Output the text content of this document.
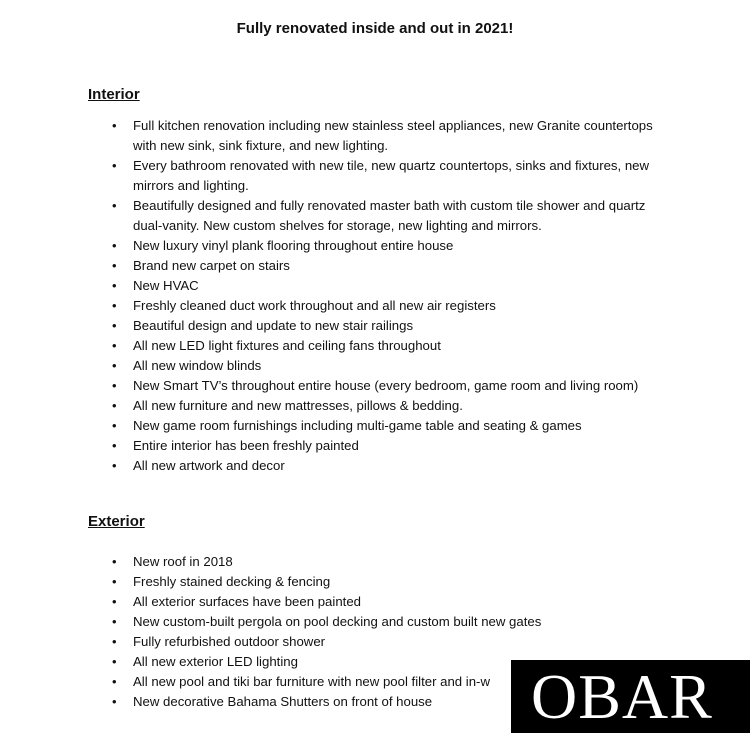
Fully renovated inside and out in 2021!
Interior
• Full kitchen renovation including new stainless steel appliances, new Granite countertops with new sink, sink fixture, and new lighting.
• Every bathroom renovated with new tile, new quartz countertops, sinks and fixtures, new mirrors and lighting.
• Beautifully designed and fully renovated master bath with custom tile shower and quartz dual-vanity. New custom shelves for storage, new lighting and mirrors.
• New luxury vinyl plank flooring throughout entire house
• Brand new carpet on stairs
• New HVAC
• Freshly cleaned duct work throughout and all new air registers
• Beautiful design and update to new stair railings
• All new LED light fixtures and ceiling fans throughout
• All new window blinds
• New Smart TV’s throughout entire house (every bedroom, game room and living room)
• All new furniture and new mattresses, pillows & bedding.
• New game room furnishings including multi-game table and seating & games
• Entire interior has been freshly painted
• All new artwork and decor
Exterior
• New roof in 2018
• Freshly stained decking & fencing
• All exterior surfaces have been painted
• New custom-built pergola on pool decking and custom built new gates
• Fully refurbished outdoor shower
• All new exterior LED lighting
• All new pool and tiki bar furniture with new pool filter and in-w
• New decorative Bahama Shutters on front of house	OBAR
